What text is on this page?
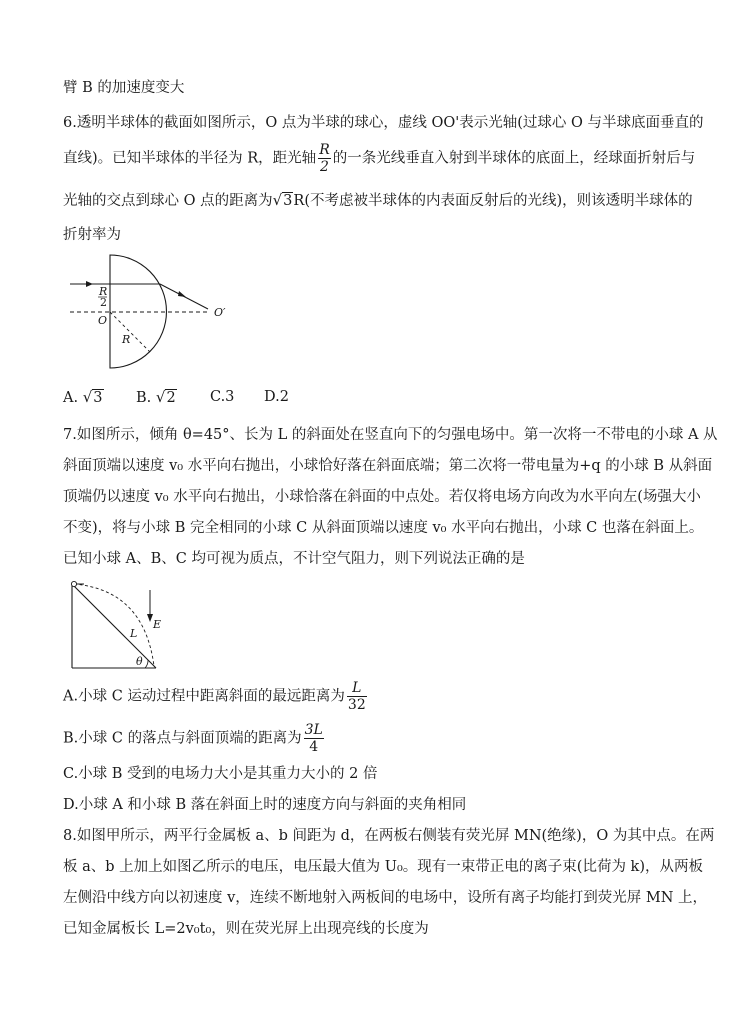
臂 B 的加速度变大
6.透明半球体的截面如图所示，O 点为半球的球心，虚线 OO'表示光轴(过球心 O 与半球底面垂直的
直线)。已知半球体的半径为 R，距光轴 $\frac{R}{2}$ 的一条光线垂直入射到半球体的底面上，经球面折射后与
光轴的交点到球心 O 点的距离为√3R(不考虑被半球体的内表面反射后的光线)，则该透明半球体的
折射率为
R
2
O
R
O′
A. √3 B. √2 C.3 D.2
7.如图所示，倾角 θ=45°、长为 L 的斜面处在竖直向下的匀强电场中。第一次将一不带电的小球 A 从
斜面顶端以速度 v₀ 水平向右抛出，小球恰好落在斜面底端；第二次将一带电量为+q 的小球 B 从斜面
顶端仍以速度 v₀ 水平向右抛出，小球恰落在斜面的中点处。若仅将电场方向改为水平向左(场强大小
不变)，将与小球 B 完全相同的小球 C 从斜面顶端以速度 v₀ 水平向右抛出，小球 C 也落在斜面上。
已知小球 A、B、C 均可视为质点，不计空气阻力，则下列说法正确的是
E
L
θ
A.小球 C 运动过程中距离斜面的最远距离为 $\frac{L}{32}$
B.小球 C 的落点与斜面顶端的距离为 $\frac{3L}{4}$
C.小球 B 受到的电场力大小是其重力大小的 2 倍
D.小球 A 和小球 B 落在斜面上时的速度方向与斜面的夹角相同
8.如图甲所示，两平行金属板 a、b 间距为 d，在两板右侧装有荧光屏 MN(绝缘)，O 为其中点。在两
板 a、b 上加上如图乙所示的电压，电压最大值为 U₀。现有一束带正电的离子束(比荷为 k)，从两板
左侧沿中线方向以初速度 v，连续不断地射入两板间的电场中，设所有离子均能打到荧光屏 MN 上，
已知金属板长 L=2v₀t₀，则在荧光屏上出现亮线的长度为
